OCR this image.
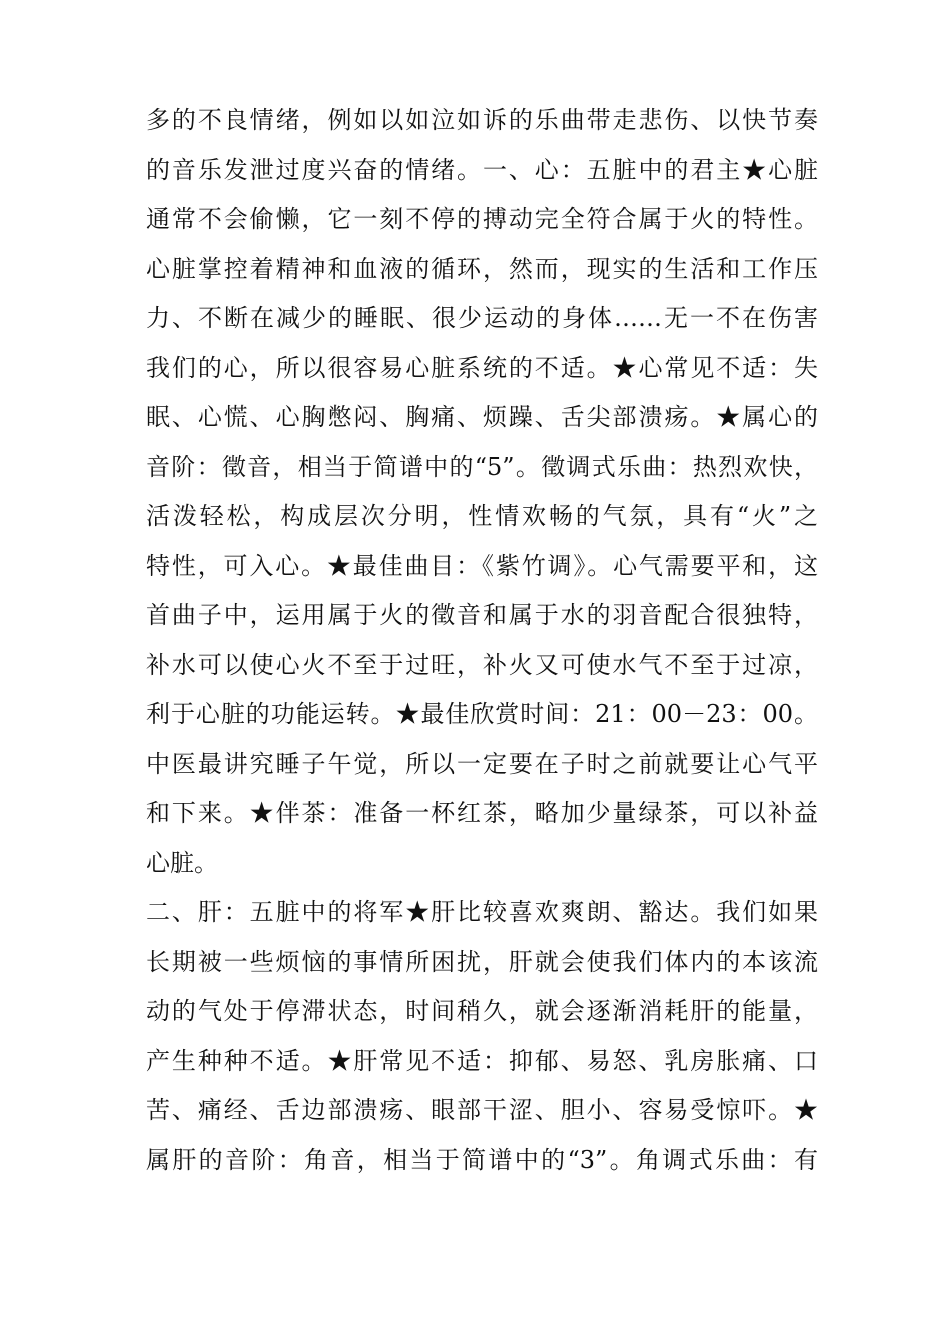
多的不良情绪，例如以如泣如诉的乐曲带走悲伤、以快节奏
的音乐发泄过度兴奋的情绪。一、心：五脏中的君主★心脏
通常不会偷懒，它一刻不停的搏动完全符合属于火的特性。
心脏掌控着精神和血液的循环，然而，现实的生活和工作压
力、不断在减少的睡眠、很少运动的身体……无一不在伤害
我们的心，所以很容易心脏系统的不适。★心常见不适：失
眠、心慌、心胸憋闷、胸痛、烦躁、舌尖部溃疡。★属心的
音阶：徵音，相当于简谱中的“5”。徵调式乐曲：热烈欢快，
活泼轻松，构成层次分明，性情欢畅的气氛，具有“火”之
特性，可入心。★最佳曲目：《紫竹调》。心气需要平和，这
首曲子中，运用属于火的徵音和属于水的羽音配合很独特，
补水可以使心火不至于过旺，补火又可使水气不至于过凉，
利于心脏的功能运转。★最佳欣赏时间：21：00－23：00。
中医最讲究睡子午觉，所以一定要在子时之前就要让心气平
和下来。★伴茶：准备一杯红茶，略加少量绿茶，可以补益
心脏。
二、肝：五脏中的将军★肝比较喜欢爽朗、豁达。我们如果
长期被一些烦恼的事情所困扰，肝就会使我们体内的本该流
动的气处于停滞状态，时间稍久，就会逐渐消耗肝的能量，
产生种种不适。★肝常见不适：抑郁、易怒、乳房胀痛、口
苦、痛经、舌边部溃疡、眼部干涩、胆小、容易受惊吓。★
属肝的音阶：角音，相当于简谱中的“3”。角调式乐曲：有
